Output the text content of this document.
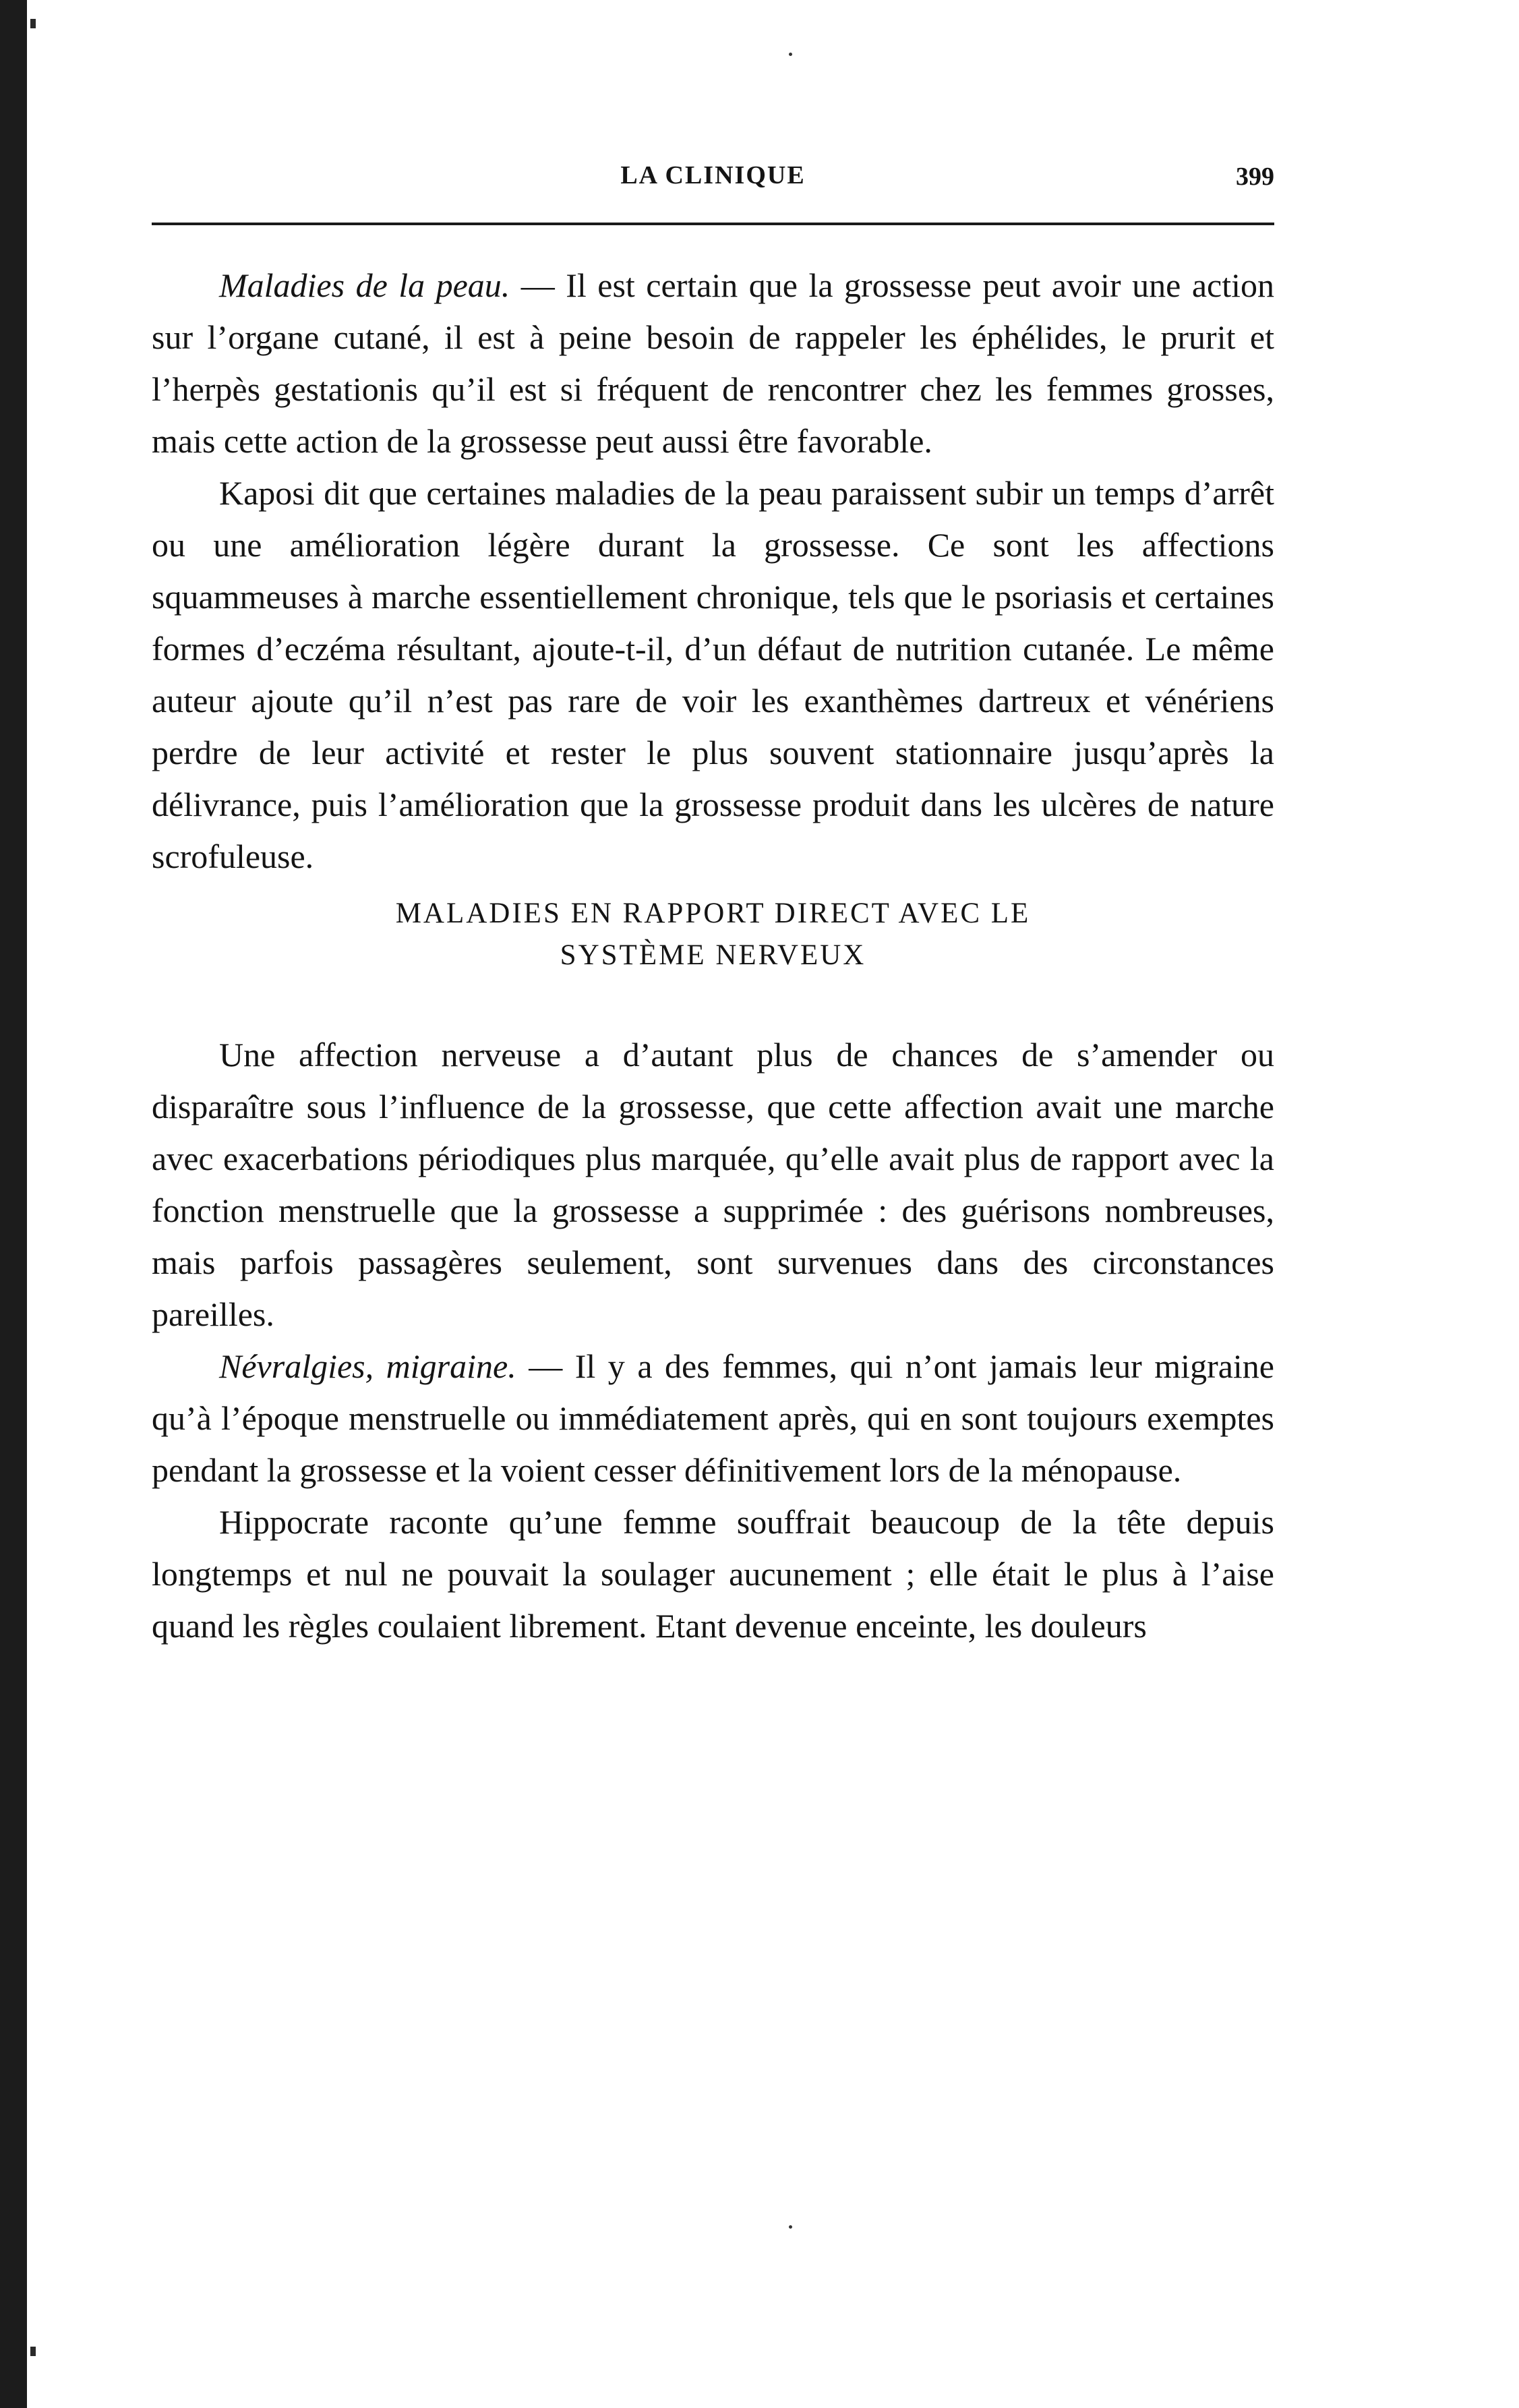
LA CLINIQUE	399

Maladies de la peau. — Il est certain que la grossesse peut avoir une action sur l’organe cutané, il est à peine besoin de rappeler les éphélides, le prurit et l’herpès gestationis qu’il est si fréquent de rencontrer chez les femmes grosses, mais cette action de la grossesse peut aussi être favorable.

Kaposi dit que certaines maladies de la peau paraissent subir un temps d’arrêt ou une amélioration légère durant la grossesse. Ce sont les affections squammeuses à marche essentiellement chronique, tels que le psoriasis et certaines formes d’eczéma résultant, ajoute-t-il, d’un défaut de nutrition cutanée. Le même auteur ajoute qu’il n’est pas rare de voir les exanthèmes dartreux et vénériens perdre de leur activité et rester le plus souvent stationnaire jusqu’après la délivrance, puis l’amélioration que la grossesse produit dans les ulcères de nature scrofuleuse.

MALADIES EN RAPPORT DIRECT AVEC LE
SYSTÈME NERVEUX

Une affection nerveuse a d’autant plus de chances de s’amender ou disparaître sous l’influence de la grossesse, que cette affection avait une marche avec exacerbations périodiques plus marquée, qu’elle avait plus de rapport avec la fonction menstruelle que la grossesse a supprimée : des guérisons nombreuses, mais parfois passagères seulement, sont survenues dans des circonstances pareilles.

Névralgies, migraine. — Il y a des femmes, qui n’ont jamais leur migraine qu’à l’époque menstruelle ou immédiatement après, qui en sont toujours exemptes pendant la grossesse et la voient cesser définitivement lors de la ménopause.

Hippocrate raconte qu’une femme souffrait beaucoup de la tête depuis longtemps et nul ne pouvait la soulager aucunement ; elle était le plus à l’aise quand les règles coulaient librement. Etant devenue enceinte, les douleurs
